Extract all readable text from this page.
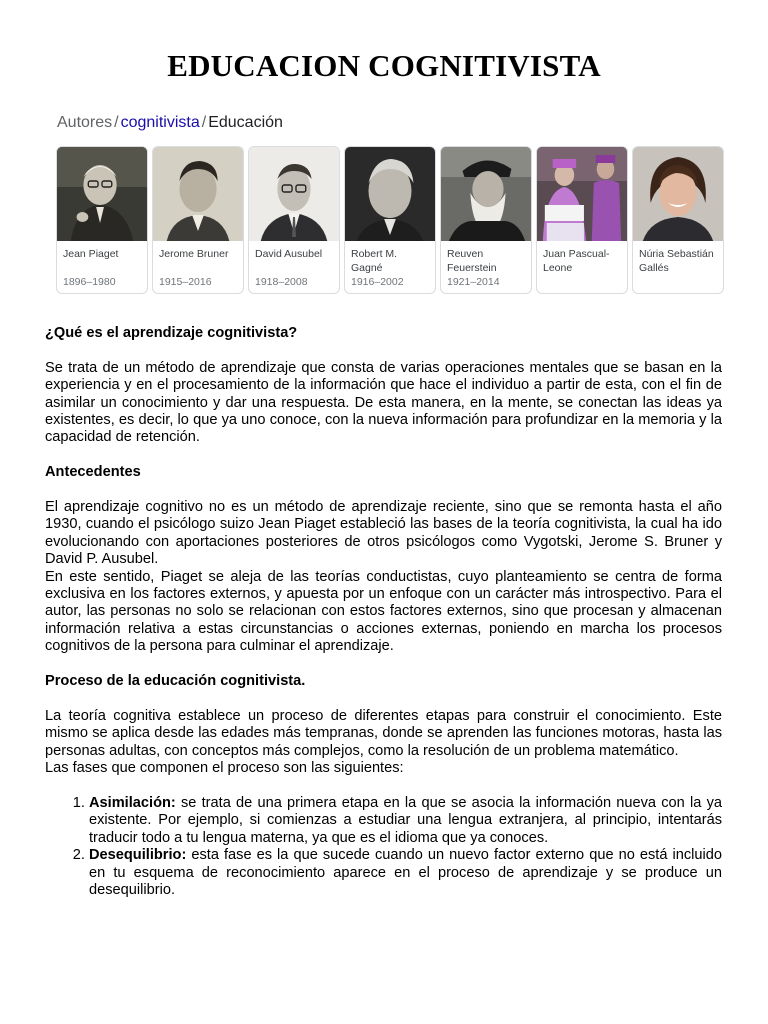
EDUCACION COGNITIVISTA
Autores / cognitivista / Educación
Jean Piaget
1896–1980
Jerome Bruner
1915–2016
David Ausubel
1918–2008
Robert M. Gagné
1916–2002
Reuven Feuerstein
1921–2014
Juan Pascual-Leone
Núria Sebastián Gallés
¿Qué es el aprendizaje cognitivista?

Se trata de un método de aprendizaje que consta de varias operaciones mentales que se basan en la experiencia y en el procesamiento de la información que hace el individuo a partir de esta, con el fin de asimilar un conocimiento y dar una respuesta. De esta manera, en la mente, se conectan las ideas ya existentes, es decir, lo que ya uno conoce, con la nueva información para profundizar en la memoria y la capacidad de retención.

Antecedentes

El aprendizaje cognitivo no es un método de aprendizaje reciente, sino que se remonta hasta el año 1930, cuando el psicólogo suizo Jean Piaget estableció las bases de la teoría cognitivista, la cual ha ido evolucionando con aportaciones posteriores de otros psicólogos como Vygotski, Jerome S. Bruner y David P. Ausubel.

En este sentido, Piaget se aleja de las teorías conductistas, cuyo planteamiento se centra de forma exclusiva en los factores externos, y apuesta por un enfoque con un carácter más introspectivo. Para el autor, las personas no solo se relacionan con estos factores externos, sino que procesan y almacenan información relativa a estas circunstancias o acciones externas, poniendo en marcha los procesos cognitivos de la persona para culminar el aprendizaje.

Proceso de la educación cognitivista.

La teoría cognitiva establece un proceso de diferentes etapas para construir el conocimiento. Este mismo se aplica desde las edades más tempranas, donde se aprenden las funciones motoras, hasta las personas adultas, con conceptos más complejos, como la resolución de un problema matemático.

Las fases que componen el proceso son las siguientes:

1. Asimilación: se trata de una primera etapa en la que se asocia la información nueva con la ya existente. Por ejemplo, si comienzas a estudiar una lengua extranjera, al principio, intentarás traducir todo a tu lengua materna, ya que es el idioma que ya conoces.
2. Desequilibrio: esta fase es la que sucede cuando un nuevo factor externo que no está incluido en tu esquema de reconocimiento aparece en el proceso de aprendizaje y se produce un desequilibrio.
